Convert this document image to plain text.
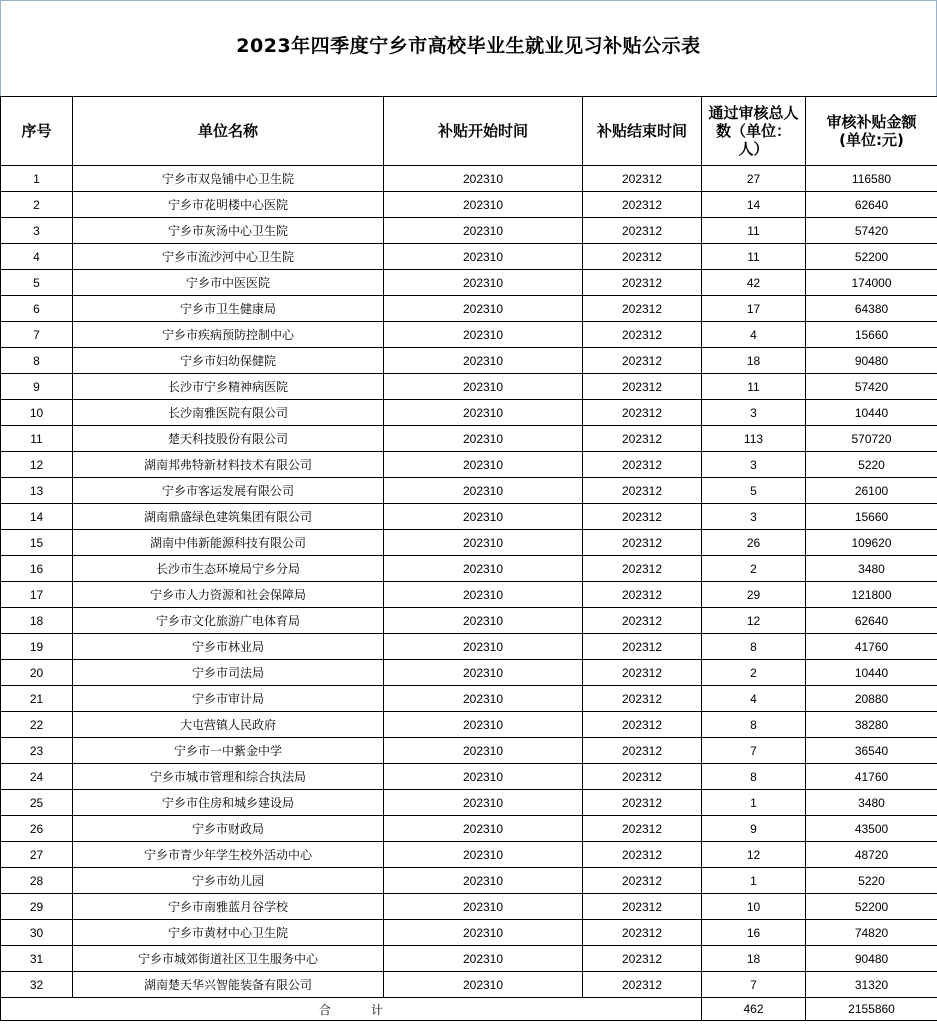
2023年四季度宁乡市高校毕业生就业见习补贴公示表
序号	单位名称	补贴开始时间	补贴结束时间	通过审核总人数（单位：人）	审核补贴金额(单位:元)
1	宁乡市双凫铺中心卫生院	202310	202312	27	116580
2	宁乡市花明楼中心医院	202310	202312	14	62640
3	宁乡市灰汤中心卫生院	202310	202312	11	57420
4	宁乡市流沙河中心卫生院	202310	202312	11	52200
5	宁乡市中医医院	202310	202312	42	174000
6	宁乡市卫生健康局	202310	202312	17	64380
7	宁乡市疾病预防控制中心	202310	202312	4	15660
8	宁乡市妇幼保健院	202310	202312	18	90480
9	长沙市宁乡精神病医院	202310	202312	11	57420
10	长沙南雅医院有限公司	202310	202312	3	10440
11	楚天科技股份有限公司	202310	202312	113	570720
12	湖南邦弗特新材料技术有限公司	202310	202312	3	5220
13	宁乡市客运发展有限公司	202310	202312	5	26100
14	湖南鼎盛绿色建筑集团有限公司	202310	202312	3	15660
15	湖南中伟新能源科技有限公司	202310	202312	26	109620
16	长沙市生态环境局宁乡分局	202310	202312	2	3480
17	宁乡市人力资源和社会保障局	202310	202312	29	121800
18	宁乡市文化旅游广电体育局	202310	202312	12	62640
19	宁乡市林业局	202310	202312	8	41760
20	宁乡市司法局	202310	202312	2	10440
21	宁乡市审计局	202310	202312	4	20880
22	大屯营镇人民政府	202310	202312	8	38280
23	宁乡市一中紫金中学	202310	202312	7	36540
24	宁乡市城市管理和综合执法局	202310	202312	8	41760
25	宁乡市住房和城乡建设局	202310	202312	1	3480
26	宁乡市财政局	202310	202312	9	43500
27	宁乡市青少年学生校外活动中心	202310	202312	12	48720
28	宁乡市幼儿园	202310	202312	1	5220
29	宁乡市南雅蓝月谷学校	202310	202312	10	52200
30	宁乡市黄材中心卫生院	202310	202312	16	74820
31	宁乡市城郊街道社区卫生服务中心	202310	202312	18	90480
32	湖南楚天华兴智能装备有限公司	202310	202312	7	31320
合计				462	2155860
